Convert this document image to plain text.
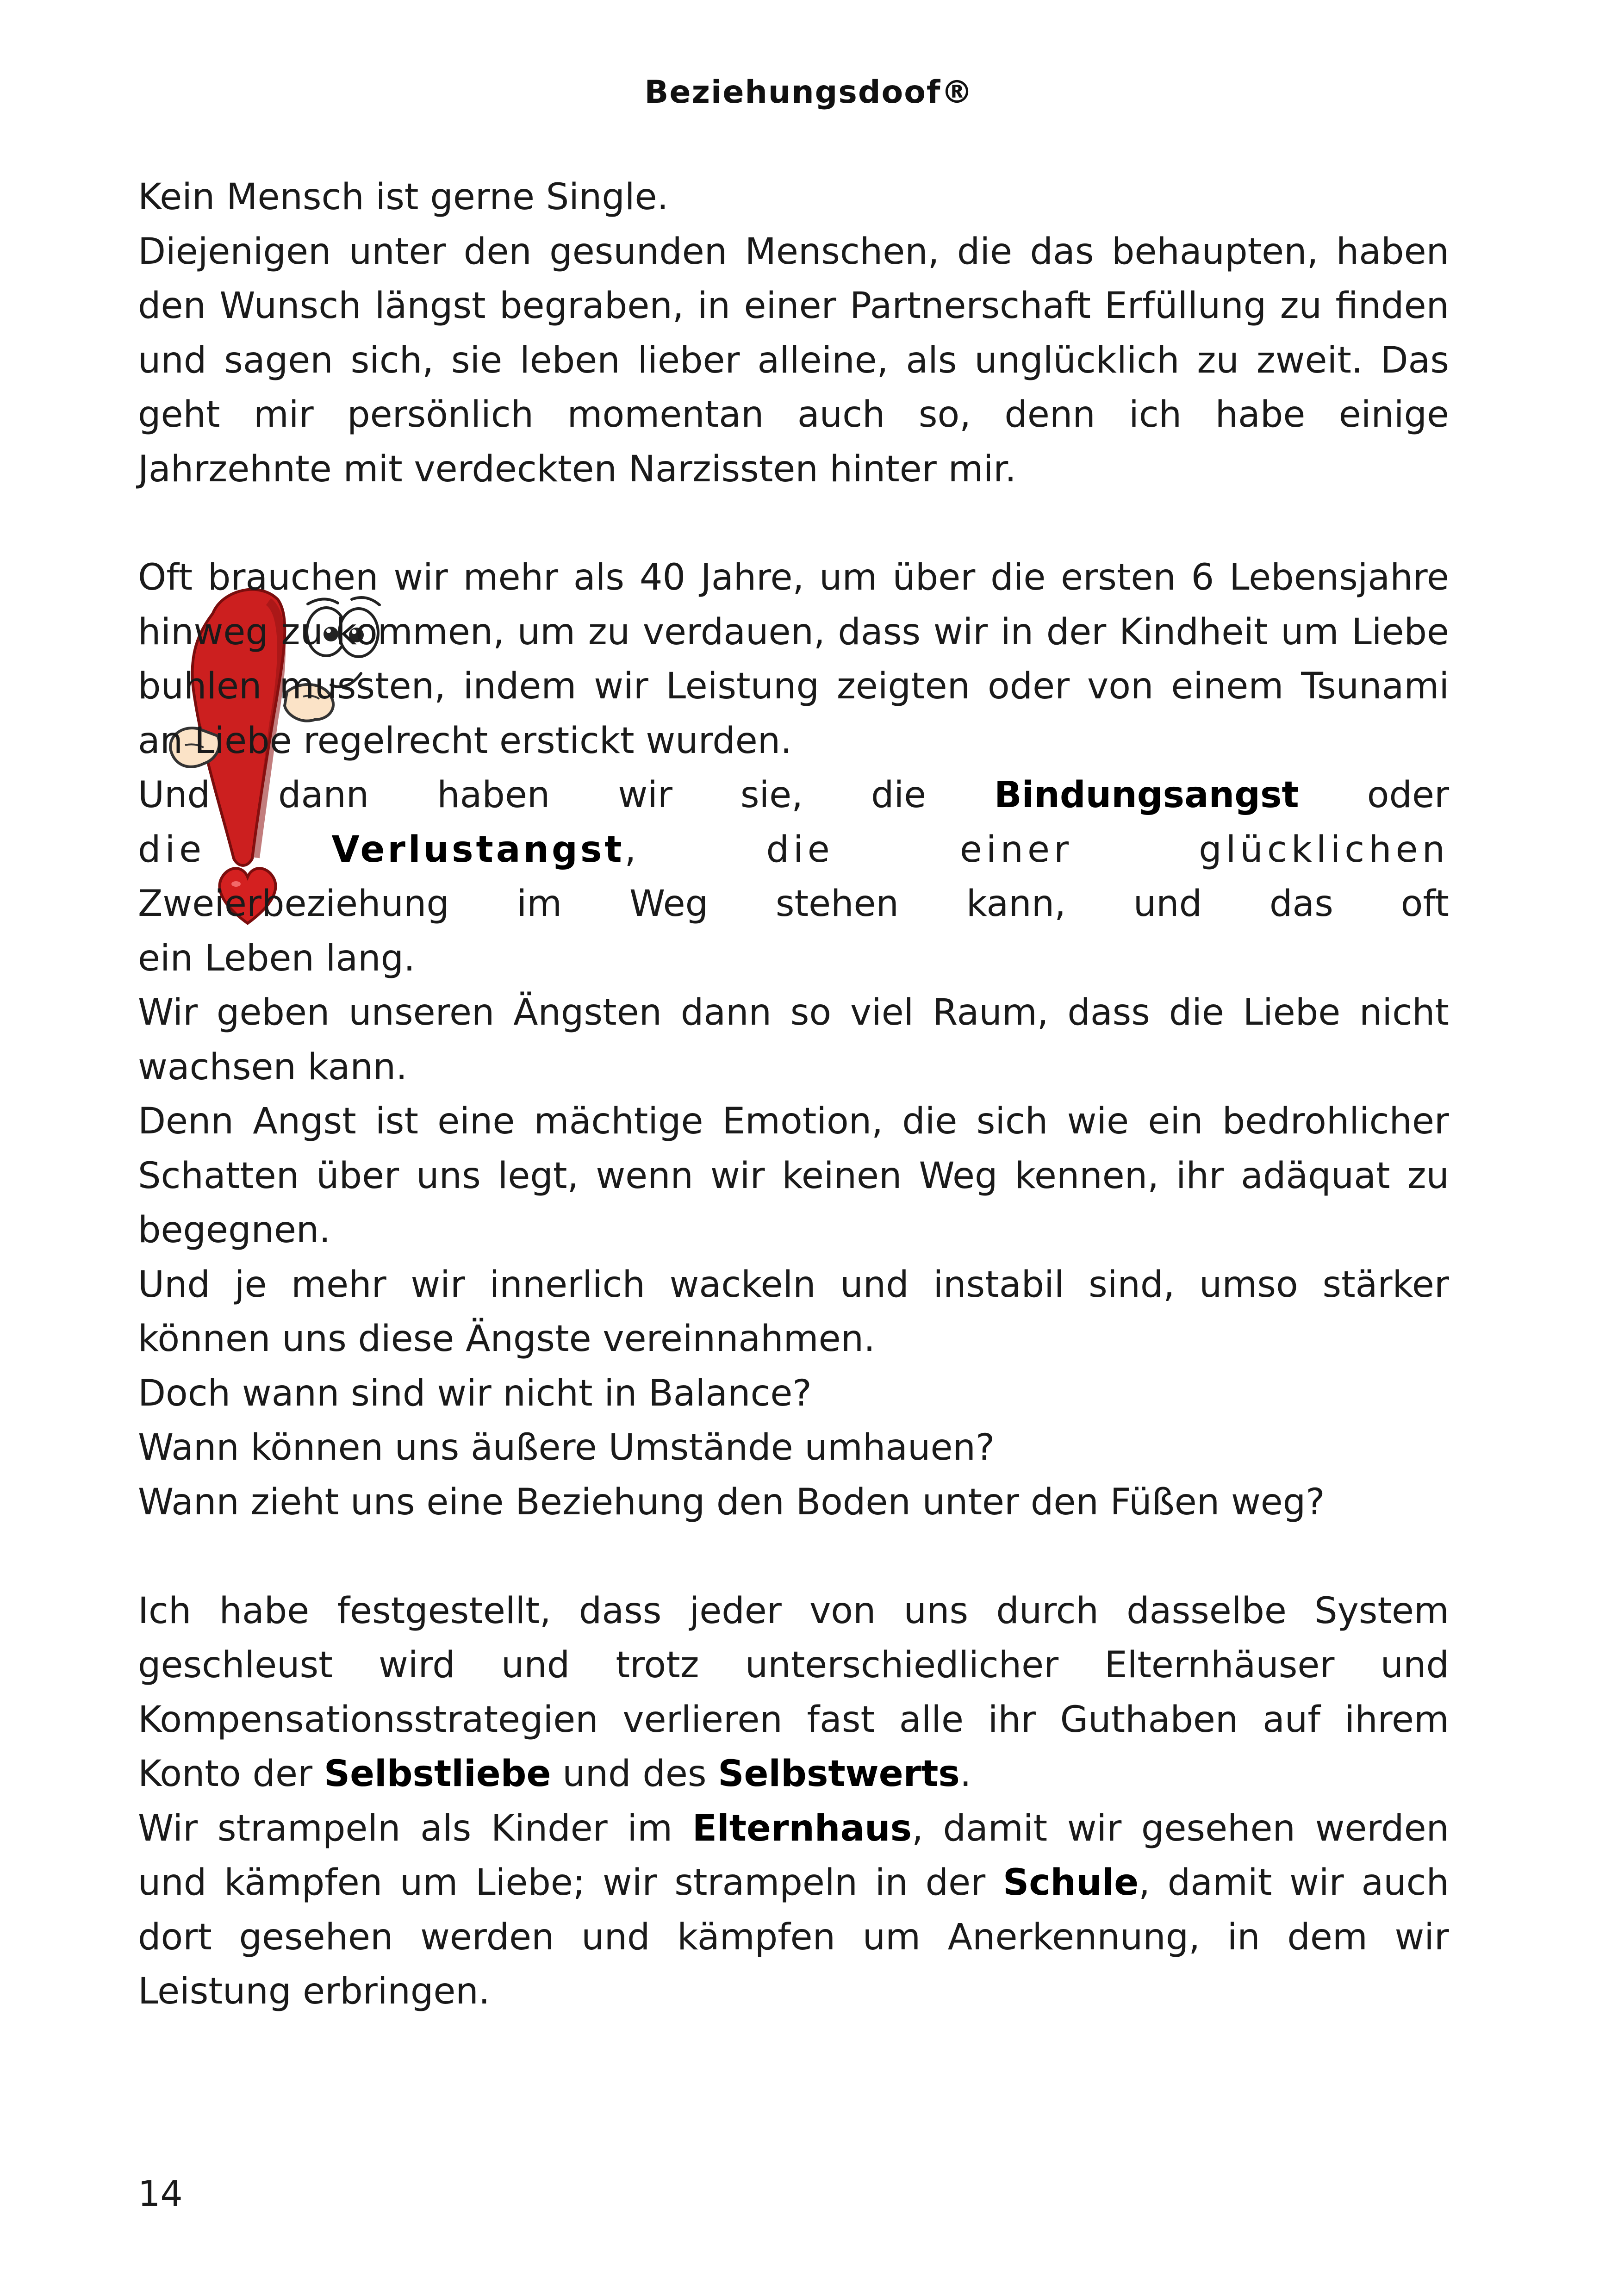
Beziehungsdoof®

Kein Mensch ist gerne Single.

Diejenigen unter den gesunden Menschen, die das behaupten, haben den Wunsch längst begraben, in einer Partnerschaft Erfüllung zu finden und sagen sich, sie leben lieber alleine, als unglücklich zu zweit. Das geht mir persönlich momentan auch so, denn ich habe einige Jahrzehnte mit verdeckten Narzissten hinter mir.

Oft brauchen wir mehr als 40 Jahre, um über die ersten 6 Lebensjahre hinweg zu kommen, um zu verdauen, dass wir in der Kindheit um Liebe buhlen mussten, indem wir Leistung zeigten oder von einem Tsunami an Liebe regelrecht erstickt wurden.

Und dann haben wir sie, die Bindungsangst oder

die	Verlustangst, die einer glücklichen

Zweierbeziehung im Weg stehen kann, und das oft

ein Leben lang.

Wir geben unseren Ängsten dann so viel Raum, dass die Liebe nicht wachsen kann.

Denn Angst ist eine mächtige Emotion, die sich wie ein bedrohlicher Schatten über uns legt, wenn wir keinen Weg kennen, ihr adäquat zu begegnen.

Und je mehr wir innerlich wackeln und instabil sind, umso stärker können uns diese Ängste vereinnahmen.

Doch wann sind wir nicht in Balance?

Wann können uns äußere Umstände umhauen?

Wann zieht uns eine Beziehung den Boden unter den Füßen weg?

Ich habe festgestellt, dass jeder von uns durch dasselbe System geschleust wird und trotz unterschiedlicher Elternhäuser und Kompensationsstrategien verlieren fast alle ihr Guthaben auf ihrem Konto der Selbstliebe und des Selbstwerts.

Wir strampeln als Kinder im Elternhaus, damit wir gesehen werden und kämpfen um Liebe; wir strampeln in der Schule, damit wir auch dort gesehen werden und kämpfen um Anerkennung, in dem wir Leistung erbringen.

14
